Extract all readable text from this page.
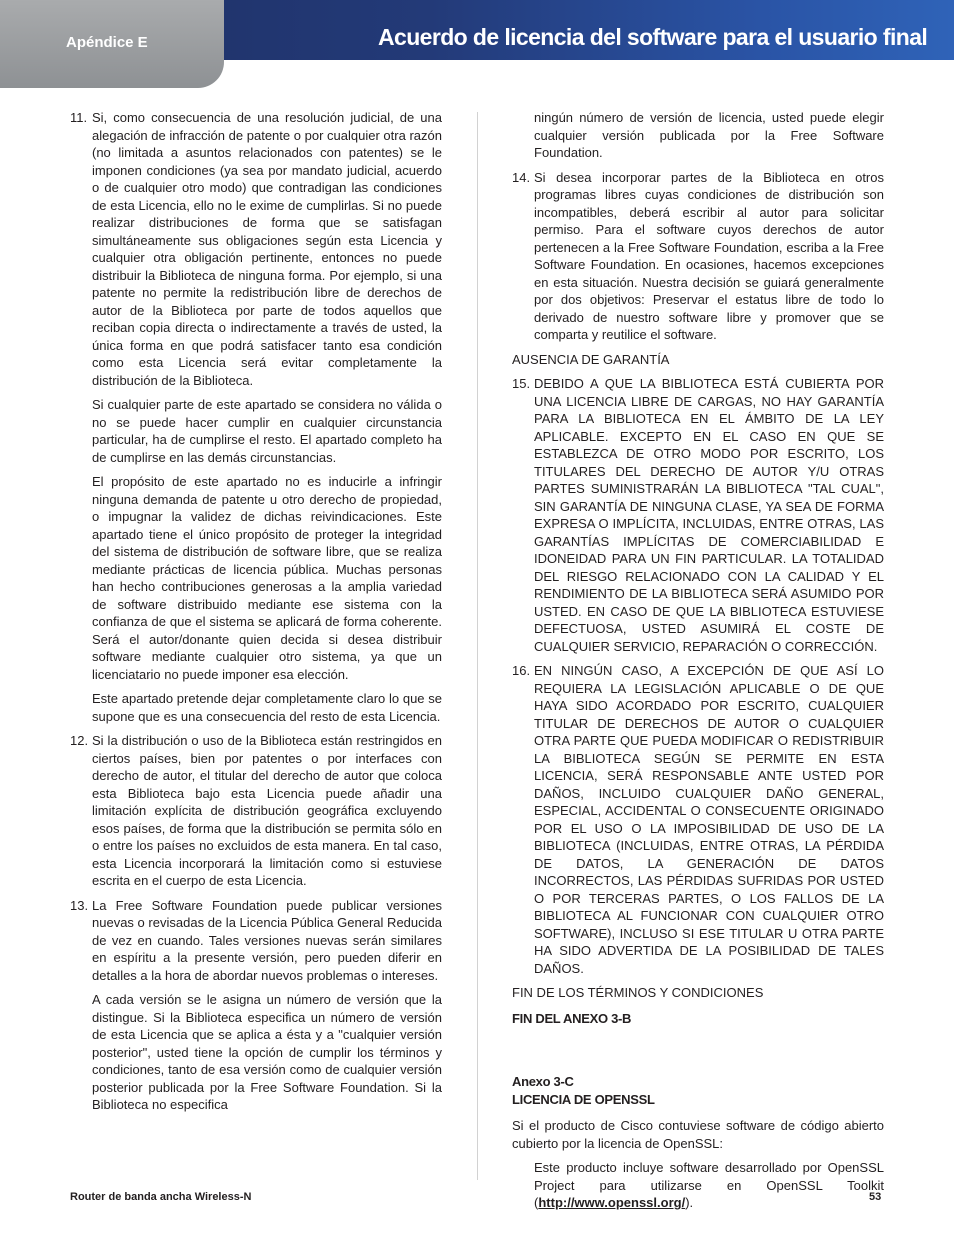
Apéndice E	Acuerdo de licencia del software para el usuario final
11. Si, como consecuencia de una resolución judicial, de una alegación de infracción de patente o por cualquier otra razón (no limitada a asuntos relacionados con patentes) se le imponen condiciones (ya sea por mandato judicial, acuerdo o de cualquier otro modo) que contradigan las condiciones de esta Licencia, ello no le exime de cumplirlas. Si no puede realizar distribuciones de forma que se satisfagan simultáneamente sus obligaciones según esta Licencia y cualquier otra obligación pertinente, entonces no puede distribuir la Biblioteca de ninguna forma. Por ejemplo, si una patente no permite la redistribución libre de derechos de autor de la Biblioteca por parte de todos aquellos que reciban copia directa o indirectamente a través de usted, la única forma en que podrá satisfacer tanto esa condición como esta Licencia será evitar completamente la distribución de la Biblioteca.

Si cualquier parte de este apartado se considera no válida o no se puede hacer cumplir en cualquier circunstancia particular, ha de cumplirse el resto. El apartado completo ha de cumplirse en las demás circunstancias.

El propósito de este apartado no es inducirle a infringir ninguna demanda de patente u otro derecho de propiedad, o impugnar la validez de dichas reivindicaciones. Este apartado tiene el único propósito de proteger la integridad del sistema de distribución de software libre, que se realiza mediante prácticas de licencia pública. Muchas personas han hecho contribuciones generosas a la amplia variedad de software distribuido mediante ese sistema con la confianza de que el sistema se aplicará de forma coherente. Será el autor/donante quien decida si desea distribuir software mediante cualquier otro sistema, ya que un licenciatario no puede imponer esa elección.

Este apartado pretende dejar completamente claro lo que se supone que es una consecuencia del resto de esta Licencia.

12. Si la distribución o uso de la Biblioteca están restringidos en ciertos países, bien por patentes o por interfaces con derecho de autor, el titular del derecho de autor que coloca esta Biblioteca bajo esta Licencia puede añadir una limitación explícita de distribución geográfica excluyendo esos países, de forma que la distribución se permita sólo en o entre los países no excluidos de esta manera. En tal caso, esta Licencia incorporará la limitación como si estuviese escrita en el cuerpo de esta Licencia.

13. La Free Software Foundation puede publicar versiones nuevas o revisadas de la Licencia Pública General Reducida de vez en cuando. Tales versiones nuevas serán similares en espíritu a la presente versión, pero pueden diferir en detalles a la hora de abordar nuevos problemas o intereses.

A cada versión se le asigna un número de versión que la distingue. Si la Biblioteca especifica un número de versión de esta Licencia que se aplica a ésta y a "cualquier versión posterior", usted tiene la opción de cumplir los términos y condiciones, tanto de esa versión como de cualquier versión posterior publicada por la Free Software Foundation. Si la Biblioteca no especifica

ningún número de versión de licencia, usted puede elegir cualquier versión publicada por la Free Software Foundation.

14. Si desea incorporar partes de la Biblioteca en otros programas libres cuyas condiciones de distribución son incompatibles, deberá escribir al autor para solicitar permiso. Para el software cuyos derechos de autor pertenecen a la Free Software Foundation, escriba a la Free Software Foundation. En ocasiones, hacemos excepciones en esta situación. Nuestra decisión se guiará generalmente por dos objetivos: Preservar el estatus libre de todo lo derivado de nuestro software libre y promover que se comparta y reutilice el software.

AUSENCIA DE GARANTÍA

15. DEBIDO A QUE LA BIBLIOTECA ESTÁ CUBIERTA POR UNA LICENCIA LIBRE DE CARGAS, NO HAY GARANTÍA PARA LA BIBLIOTECA EN EL ÁMBITO DE LA LEY APLICABLE. EXCEPTO EN EL CASO EN QUE SE ESTABLEZCA DE OTRO MODO POR ESCRITO, LOS TITULARES DEL DERECHO DE AUTOR Y/U OTRAS PARTES SUMINISTRARÁN LA BIBLIOTECA "TAL CUAL", SIN GARANTÍA DE NINGUNA CLASE, YA SEA DE FORMA EXPRESA O IMPLÍCITA, INCLUIDAS, ENTRE OTRAS, LAS GARANTÍAS IMPLÍCITAS DE COMERCIABILIDAD E IDONEIDAD PARA UN FIN PARTICULAR. LA TOTALIDAD DEL RIESGO RELACIONADO CON LA CALIDAD Y EL RENDIMIENTO DE LA BIBLIOTECA SERÁ ASUMIDO POR USTED. EN CASO DE QUE LA BIBLIOTECA ESTUVIESE DEFECTUOSA, USTED ASUMIRÁ EL COSTE DE CUALQUIER SERVICIO, REPARACIÓN O CORRECCIÓN.

16. EN NINGÚN CASO, A EXCEPCIÓN DE QUE ASÍ LO REQUIERA LA LEGISLACIÓN APLICABLE O DE QUE HAYA SIDO ACORDADO POR ESCRITO, CUALQUIER TITULAR DE DERECHOS DE AUTOR O CUALQUIER OTRA PARTE QUE PUEDA MODIFICAR O REDISTRIBUIR LA BIBLIOTECA SEGÚN SE PERMITE EN ESTA LICENCIA, SERÁ RESPONSABLE ANTE USTED POR DAÑOS, INCLUIDO CUALQUIER DAÑO GENERAL, ESPECIAL, ACCIDENTAL O CONSECUENTE ORIGINADO POR EL USO O LA IMPOSIBILIDAD DE USO DE LA BIBLIOTECA (INCLUIDAS, ENTRE OTRAS, LA PÉRDIDA DE DATOS, LA GENERACIÓN DE DATOS INCORRECTOS, LAS PÉRDIDAS SUFRIDAS POR USTED O POR TERCERAS PARTES, O LOS FALLOS DE LA BIBLIOTECA AL FUNCIONAR CON CUALQUIER OTRO SOFTWARE), INCLUSO SI ESE TITULAR U OTRA PARTE HA SIDO ADVERTIDA DE LA POSIBILIDAD DE TALES DAÑOS.

FIN DE LOS TÉRMINOS Y CONDICIONES

FIN DEL ANEXO 3-B

Anexo 3-C

LICENCIA DE OPENSSL

Si el producto de Cisco contuviese software de código abierto cubierto por la licencia de OpenSSL:

Este producto incluye software desarrollado por OpenSSL Project para utilizarse en OpenSSL Toolkit (http://www.openssl.org/).

Router de banda ancha Wireless-N	53
